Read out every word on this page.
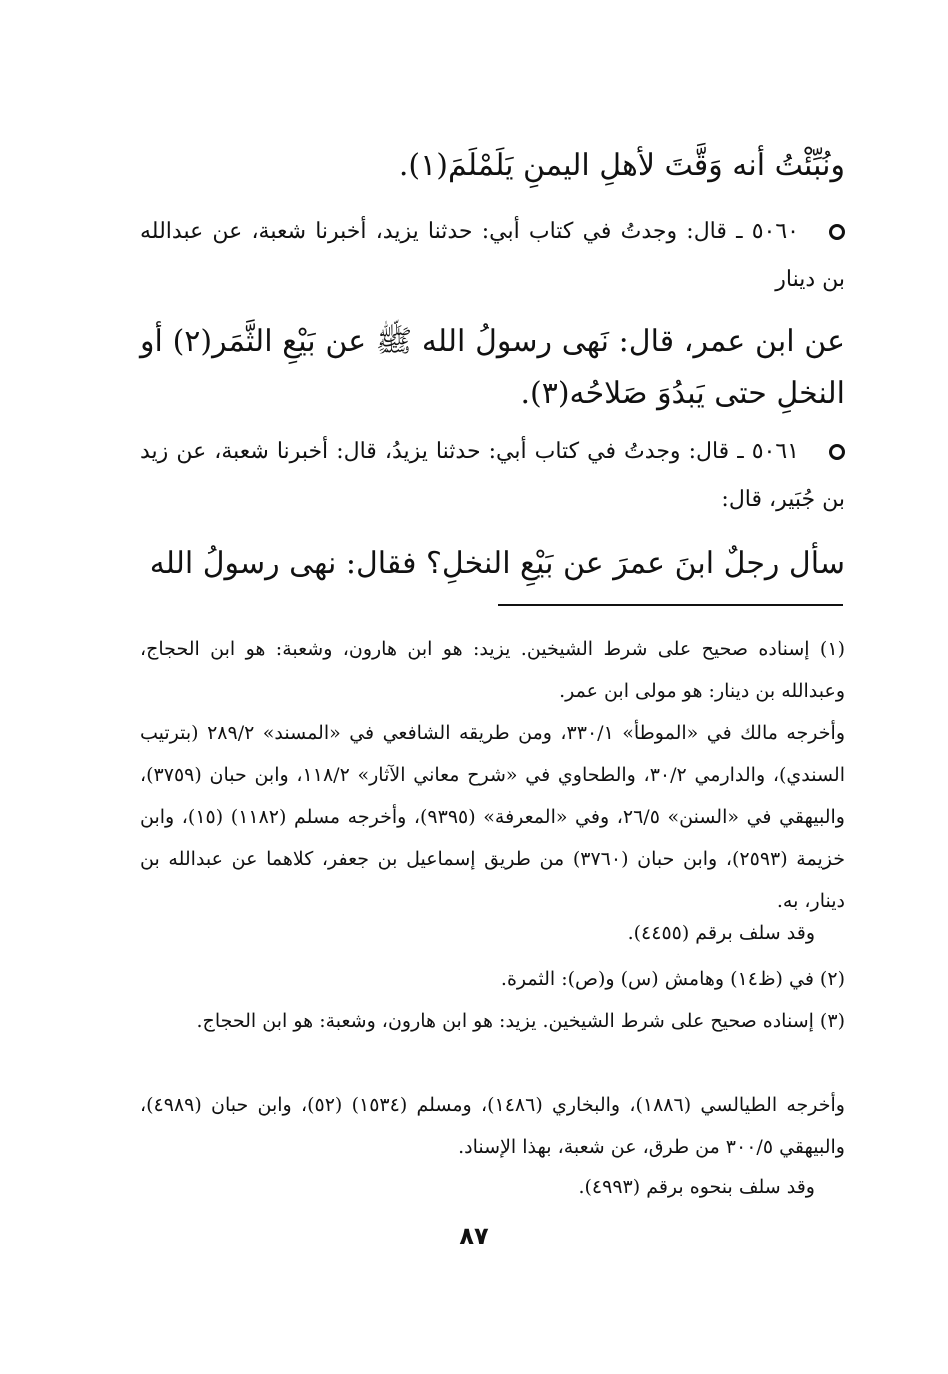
ونُبِّئْتُ أنه وَقَّتَ لأهلِ اليمنِ يَلَمْلَمَ(١).

٥٠٦٠ ـ قال: وجدتُ في كتاب أبي: حدثنا يزيد، أخبرنا شعبة، عن عبدالله بن دينار

عن ابن عمر، قال: نَهى رسولُ الله ﷺ عن بَيْعِ الثَّمَر(٢) أو النخلِ حتى يَبدُوَ صَلاحُه(٣).

٥٠٦١ ـ قال: وجدتُ في كتاب أبي: حدثنا يزيدُ، قال: أخبرنا شعبة، عن زيد بن جُبَير، قال:

سأل رجلٌ ابنَ عمرَ عن بَيْعِ النخلِ؟ فقال: نهى رسولُ الله

(١) إسناده صحيح على شرط الشيخين. يزيد: هو ابن هارون، وشعبة: هو ابن الحجاج، وعبدالله بن دينار: هو مولى ابن عمر.

وأخرجه مالك في «الموطأ» ٣٣٠/١، ومن طريقه الشافعي في «المسند» ٢٨٩/٢ (بترتيب السندي)، والدارمي ٣٠/٢، والطحاوي في «شرح معاني الآثار» ١١٨/٢، وابن حبان (٣٧٥٩)، والبيهقي في «السنن» ٢٦/٥، وفي «المعرفة» (٩٣٩٥)، وأخرجه مسلم (١١٨٢) (١٥)، وابن خزيمة (٢٥٩٣)، وابن حبان (٣٧٦٠) من طريق إسماعيل بن جعفر، كلاهما عن عبدالله بن دينار، به.

وقد سلف برقم (٤٤٥٥).

(٢) في (ظ١٤) وهامش (س) و(ص): الثمرة.

(٣) إسناده صحيح على شرط الشيخين. يزيد: هو ابن هارون، وشعبة: هو ابن الحجاج.

وأخرجه الطيالسي (١٨٨٦)، والبخاري (١٤٨٦)، ومسلم (١٥٣٤) (٥٢)، وابن حبان (٤٩٨٩)، والبيهقي ٣٠٠/٥ من طرق، عن شعبة، بهذا الإسناد.

وقد سلف بنحوه برقم (٤٩٩٣).

٨٧
